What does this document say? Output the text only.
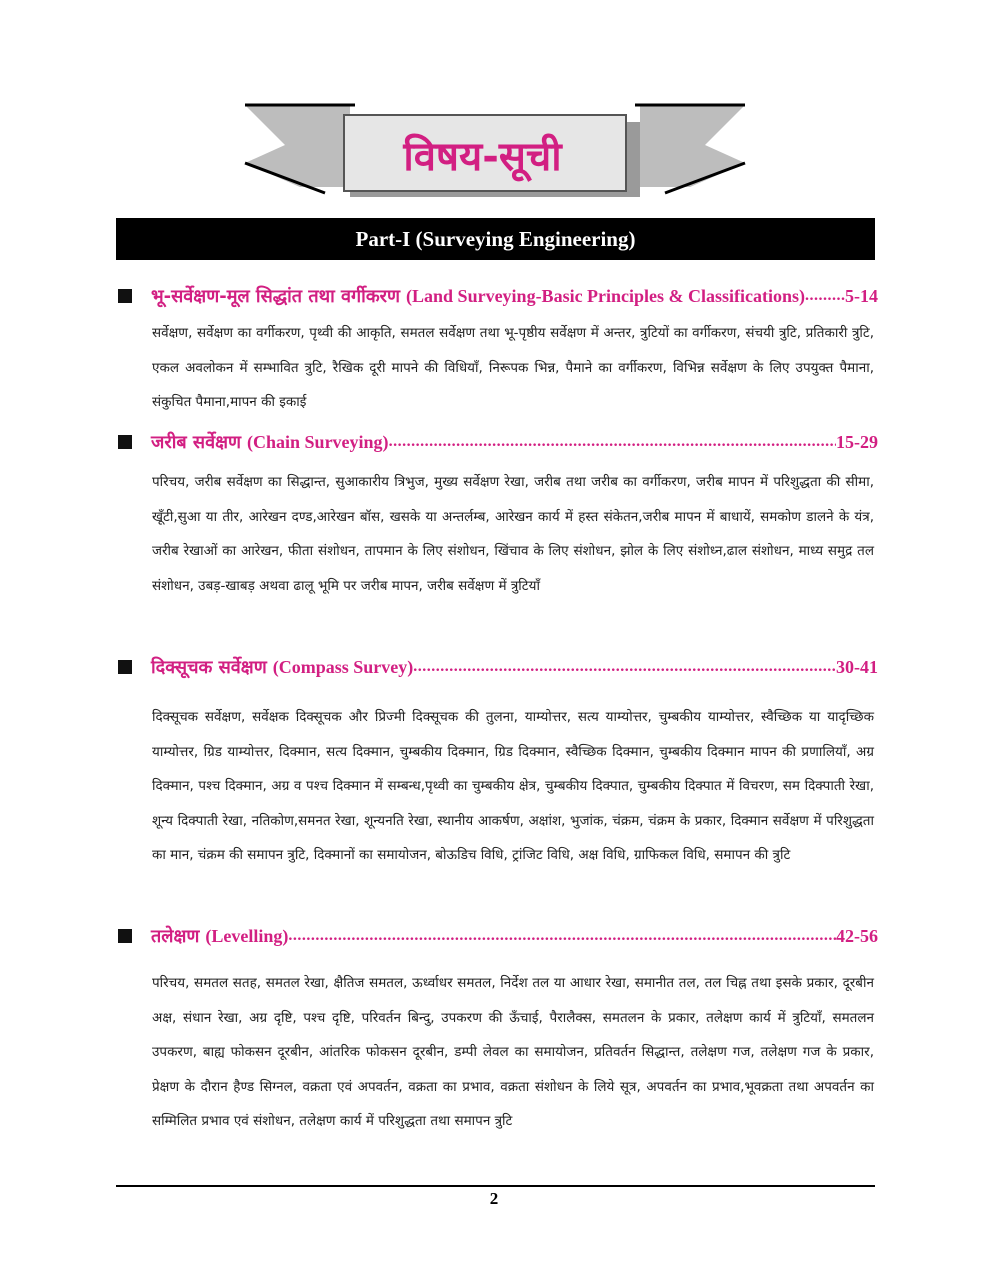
विषय-सूची
Part-I (Surveying Engineering)
भू-सर्वेक्षण-मूल सिद्धांत तथा वर्गीकरण (Land Surveying-Basic Principles & Classifications) ..... 5-14

सर्वेक्षण, सर्वेक्षण का वर्गीकरण, पृथ्वी की आकृति, समतल सर्वेक्षण तथा भू-पृष्ठीय सर्वेक्षण में अन्तर, त्रुटियों का वर्गीकरण, संचयी त्रुटि, प्रतिकारी त्रुटि, एकल अवलोकन में सम्भावित त्रुटि, रैखिक दूरी मापने की विधियाँ, निरूपक भिन्न, पैमाने का वर्गीकरण, विभिन्न सर्वेक्षण के लिए उपयुक्त पैमाना, संकुचित पैमाना,मापन की इकाई

जरीब सर्वेक्षण (Chain Surveying) .....	15-29

परिचय, जरीब सर्वेक्षण का सिद्धान्त, सुआकारीय त्रिभुज, मुख्य सर्वेक्षण रेखा, जरीब तथा जरीब का वर्गीकरण, जरीब मापन में परिशुद्धता की सीमा, खूँटी,सुआ या तीर, आरेखन दण्ड,आरेखन बॉस, खसके या अन्तर्लम्ब, आरेखन कार्य में हस्त संकेतन,जरीब मापन में बाधायें, समकोण डालने के यंत्र, जरीब रेखाओं का आरेखन, फीता संशोधन, तापमान के लिए संशोधन, खिंचाव के लिए संशोधन, झोल के लिए संशोध्न,ढाल संशोधन, माध्य समुद्र तल संशोधन, उबड़-खाबड़ अथवा ढालू भूमि पर जरीब मापन, जरीब सर्वेक्षण में त्रुटियाँ

दिक्सूचक सर्वेक्षण (Compass Survey) .....	30-41

दिक्सूचक सर्वेक्षण, सर्वेक्षक दिक्सूचक और प्रिज्मी दिक्सूचक की तुलना, याम्योत्तर, सत्य याम्योत्तर, चुम्बकीय याम्योत्तर, स्वैच्छिक या यादृच्छिक याम्योत्तर, ग्रिड याम्योत्तर, दिक्मान, सत्य दिक्मान, चुम्बकीय दिक्मान, ग्रिड दिक्मान, स्वैच्छिक दिक्मान, चुम्बकीय दिक्मान मापन की प्रणालियाँ, अग्र दिक्मान, पश्च दिक्मान, अग्र व पश्च दिक्मान में सम्बन्ध,पृथ्वी का चुम्बकीय क्षेत्र, चुम्बकीय दिक्पात, चुम्बकीय दिक्पात में विचरण, सम दिक्पाती रेखा, शून्य दिक्पाती रेखा, नतिकोण,समनत रेखा, शून्यनति रेखा, स्थानीय आकर्षण, अक्षांश, भुजांक, चंक्रम, चंक्रम के प्रकार, दिक्मान सर्वेक्षण में परिशुद्धता का मान, चंक्रम की समापन त्रुटि, दिक्मानों का समायोजन, बोऊडिच विधि, ट्रांजिट विधि, अक्ष विधि, ग्राफिकल विधि, समापन की त्रुटि

तलेक्षण (Levelling) .....	42-56

परिचय, समतल सतह, समतल रेखा, क्षैतिज समतल, ऊर्ध्वाधर समतल, निर्देश तल या आधार रेखा, समानीत तल, तल चिह्न तथा इसके प्रकार, दूरबीन अक्ष, संधान रेखा, अग्र दृष्टि, पश्च दृष्टि, परिवर्तन बिन्दु, उपकरण की ऊँचाई, पैरालैक्स, समतलन के प्रकार, तलेक्षण कार्य में त्रुटियाँ, समतलन उपकरण, बाह्य फोकसन दूरबीन, आंतरिक फोकसन दूरबीन, डम्पी लेवल का समायोजन, प्रतिवर्तन सिद्धान्त, तलेक्षण गज, तलेक्षण गज के प्रकार, प्रेक्षण के दौरान हैण्ड सिग्नल, वक्रता एवं अपवर्तन, वक्रता का प्रभाव, वक्रता संशोधन के लिये सूत्र, अपवर्तन का प्रभाव,भूवक्रता तथा अपवर्तन का सम्मिलित प्रभाव एवं संशोधन, तलेक्षण कार्य में परिशुद्धता तथा समापन त्रुटि

2
